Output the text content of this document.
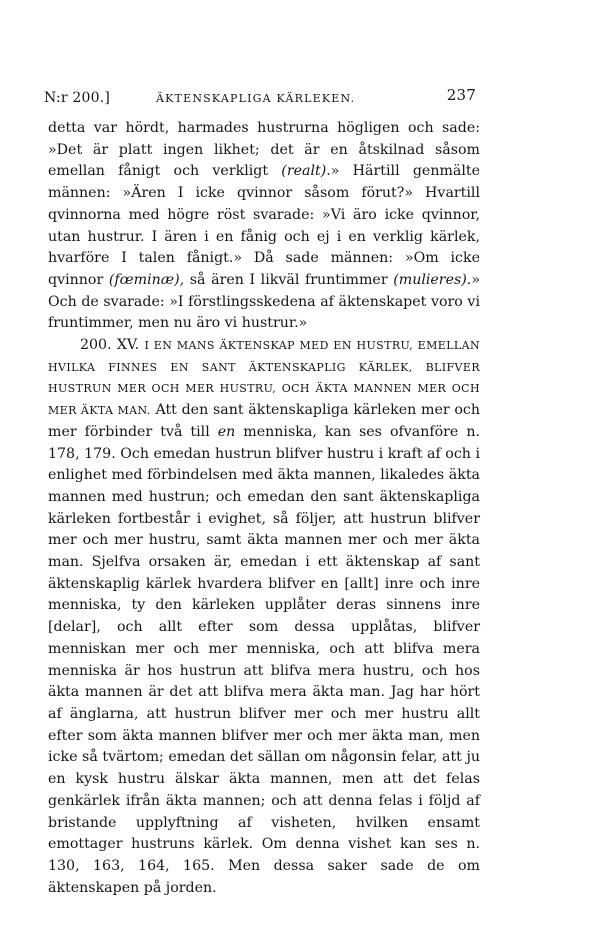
N:r 200.]	ÄKTENSKAPLIGA KÄRLEKEN.	237

detta var hördt, harmades hustrurna högligen och sade: »Det är platt ingen likhet; det är en åtskilnad såsom emellan fånigt och verkligt (realt).» Härtill genmälte männen: »Ären I icke qvinnor såsom förut?» Hvartill qvinnorna med högre röst svarade: »Vi äro icke qvinnor, utan hustrur. I ären i en fånig och ej i en verklig kärlek, hvarföre I talen fånigt.» Då sade männen: »Om icke qvinnor (fœminæ), så ären I likväl fruntimmer (mulieres).» Och de svarade: »I förstlingsskedena af äktenskapet voro vi fruntimmer, men nu äro vi hustrur.»

200. XV. I EN MANS ÄKTENSKAP MED EN HUSTRU, EMELLAN HVILKA FINNES EN SANT ÄKTENSKAPLIG KÄRLEK, BLIFVER HUSTRUN MER OCH MER HUSTRU, OCH ÄKTA MANNEN MER OCH MER ÄKTA MAN. Att den sant äktenskapliga kärleken mer och mer förbinder två till en menniska, kan ses ofvanföre n. 178, 179. Och emedan hustrun blifver hustru i kraft af och i enlighet med förbindelsen med äkta mannen, likaledes äkta mannen med hustrun; och emedan den sant äktenskapliga kärleken fortbestår i evighet, så följer, att hustrun blifver mer och mer hustru, samt äkta mannen mer och mer äkta man. Sjelfva orsaken är, emedan i ett äktenskap af sant äktenskaplig kärlek hvardera blifver en [allt] inre och inre menniska, ty den kärleken upplåter deras sinnens inre [delar], och allt efter som dessa upplåtas, blifver menniskan mer och mer menniska, och att blifva mera menniska är hos hustrun att blifva mera hustru, och hos äkta mannen är det att blifva mera äkta man. Jag har hört af änglarna, att hustrun blifver mer och mer hustru allt efter som äkta mannen blifver mer och mer äkta man, men icke så tvärtom; emedan det sällan om någonsin felar, att ju en kysk hustru älskar äkta mannen, men att det felas genkärlek ifrån äkta mannen; och att denna felas i följd af bristande upplyftning af visheten, hvilken ensamt emottager hustruns kärlek. Om denna vishet kan ses n. 130, 163, 164, 165. Men dessa saker sade de om äktenskapen på jorden.
